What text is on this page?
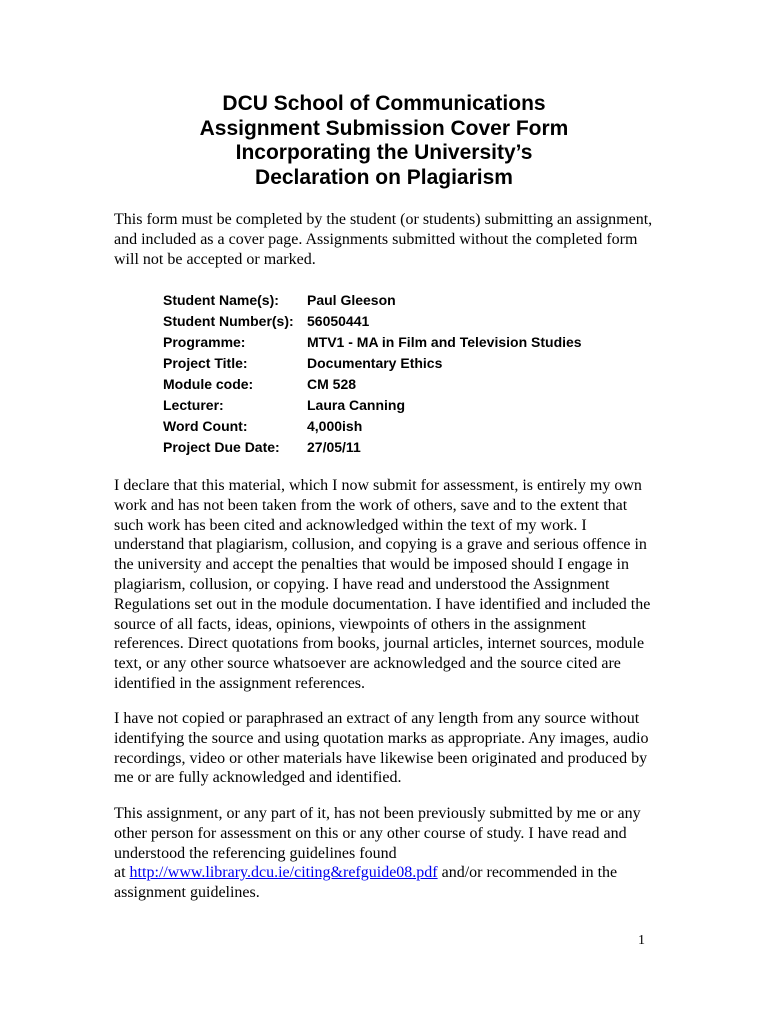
DCU School of Communications
Assignment Submission Cover Form
Incorporating the University’s
Declaration on Plagiarism

This form must be completed by the student (or students) submitting an assignment, and included as a cover page. Assignments submitted without the completed form will not be accepted or marked.

Student Name(s):	Paul Gleeson
Student Number(s): 56050441
Programme:	MTV1 - MA in Film and Television Studies
Project Title:	Documentary Ethics
Module code:	CM 528
Lecturer:	Laura Canning
Word Count:	4,000ish
Project Due Date:	27/05/11

I declare that this material, which I now submit for assessment, is entirely my own work and has not been taken from the work of others, save and to the extent that such work has been cited and acknowledged within the text of my work. I understand that plagiarism, collusion, and copying is a grave and serious offence in the university and accept the penalties that would be imposed should I engage in plagiarism, collusion, or copying. I have read and understood the Assignment Regulations set out in the module documentation. I have identified and included the source of all facts, ideas, opinions, viewpoints of others in the assignment references. Direct quotations from books, journal articles, internet sources, module text, or any other source whatsoever are acknowledged and the source cited are identified in the assignment references.

I have not copied or paraphrased an extract of any length from any source without identifying the source and using quotation marks as appropriate. Any images, audio recordings, video or other materials have likewise been originated and produced by me or are fully acknowledged and identified.

This assignment, or any part of it, has not been previously submitted by me or any other person for assessment on this or any other course of study. I have read and understood the referencing guidelines found
at http://www.library.dcu.ie/citing&refguide08.pdf and/or recommended in the assignment guidelines.

1
